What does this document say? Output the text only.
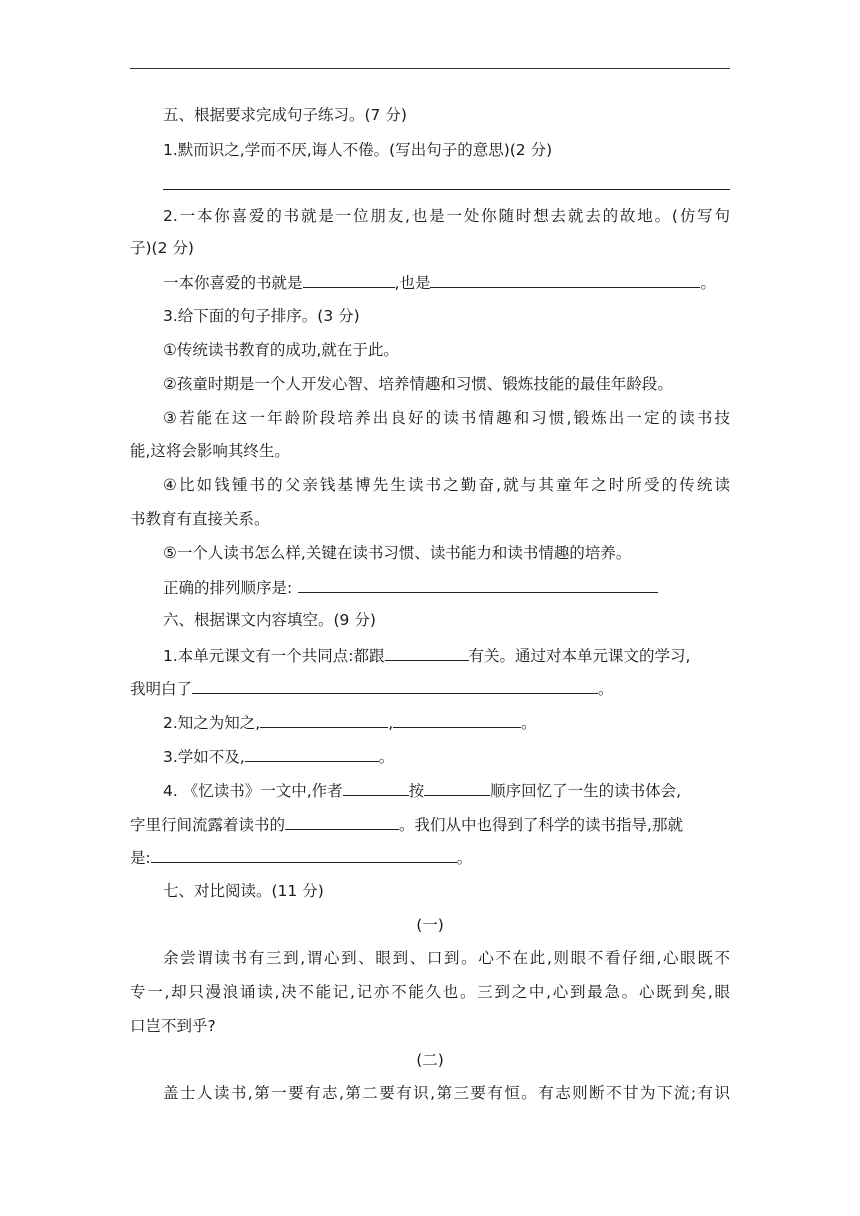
五、根据要求完成句子练习。(7 分)
1.默而识之,学而不厌,诲人不倦。(写出句子的意思)(2 分)
2.一本你喜爱的书就是一位朋友,也是一处你随时想去就去的故地。(仿写句
子)(2 分)
一本你喜爱的书就是	,也是	。
3.给下面的句子排序。(3 分)
①传统读书教育的成功,就在于此。
②孩童时期是一个人开发心智、培养情趣和习惯、锻炼技能的最佳年龄段。
③若能在这一年龄阶段培养出良好的读书情趣和习惯,锻炼出一定的读书技
能,这将会影响其终生。
④比如钱锺书的父亲钱基博先生读书之勤奋,就与其童年之时所受的传统读
书教育有直接关系。
⑤一个人读书怎么样,关键在读书习惯、读书能力和读书情趣的培养。
正确的排列顺序是:
六、根据课文内容填空。(9 分)
1.本单元课文有一个共同点:都跟	有关。通过对本单元课文的学习,
我明白了	。
2.知之为知之,	,	。
3.学如不及,	。
4. 《忆读书》一文中,作者	按	顺序回忆了一生的读书体会,
字里行间流露着读书的	。我们从中也得到了科学的读书指导,那就
是:	。
七、对比阅读。(11 分)
(一)
余尝谓读书有三到,谓心到、眼到、口到。心不在此,则眼不看仔细,心眼既不
专一,却只漫浪诵读,决不能记,记亦不能久也。三到之中,心到最急。心既到矣,眼
口岂不到乎?
(二)
盖士人读书,第一要有志,第二要有识,第三要有恒。有志则断不甘为下流;有识
